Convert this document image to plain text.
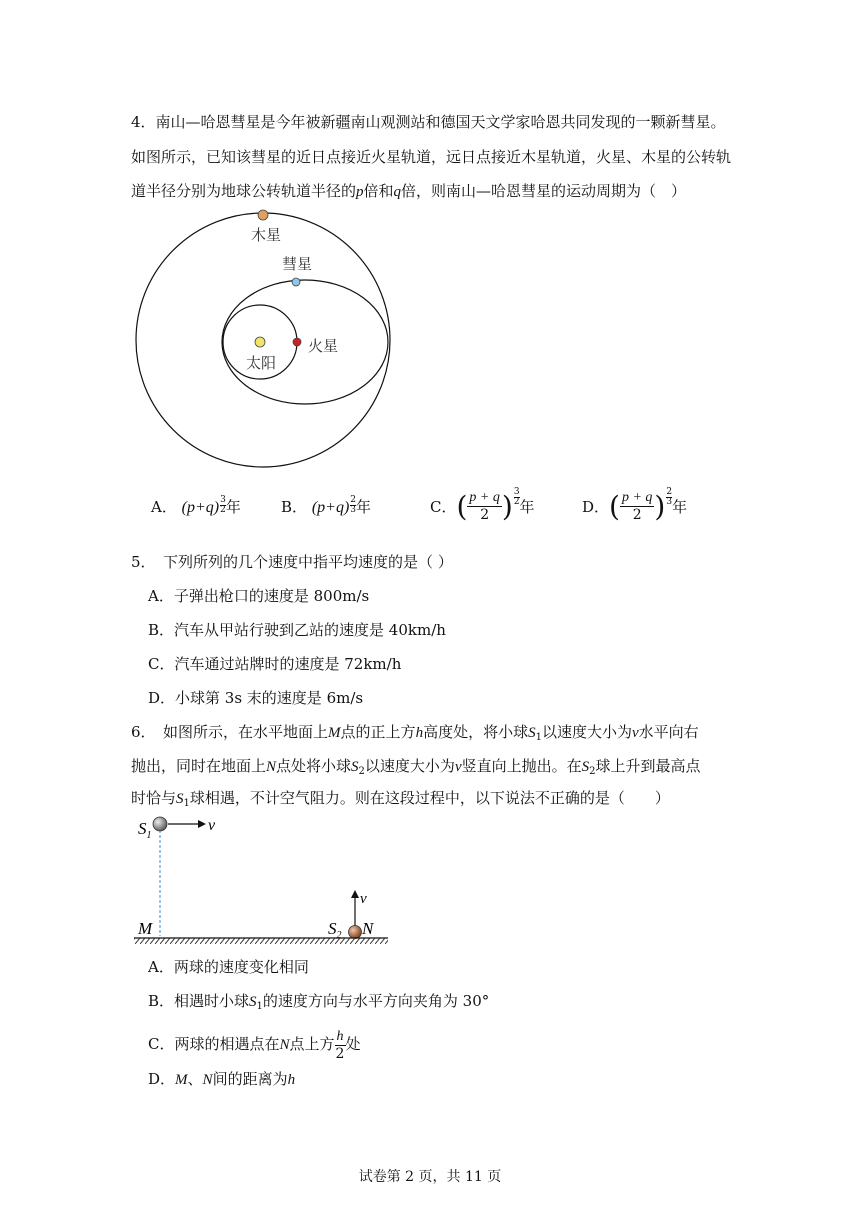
4．南山—哈恩彗星是今年被新疆南山观测站和德国天文学家哈恩共同发现的一颗新彗星。
如图所示，已知该彗星的近日点接近火星轨道，远日点接近木星轨道，火星、木星的公转轨
道半径分别为地球公转轨道半径的p倍和q倍，则南山—哈恩彗星的运动周期为（　）
木星
彗星
火星
太阳
A． $(p+q) \frac{3}{2}$年	B． $(p+q) \frac{2}{3}$年	C．( $\frac{p + q}{2}$ ) $\frac{3}{2}$年	D．( $\frac{p + q}{2}$ ) $\frac{2}{3}$年
5．　下列所列的几个速度中指平均速度的是（ ）
A．子弹出枪口的速度是 800m/s
B．汽车从甲站行驶到乙站的速度是 40km/h
C．汽车通过站牌时的速度是 72km/h
D．小球第 3s 末的速度是 6m/s
6．　如图所示，在水平地面上M点的正上方h高度处，将小球$S_1$以速度大小为v水平向右
抛出，同时在地面上N点处将小球$S_2$以速度大小为v竖直向上抛出。在$S_2$球上升到最高点
时恰与$S_1$球相遇，不计空气阻力。则在这段过程中，以下说法不正确的是（　　）
$S_1$
v
v
M	$S_2$ N
A．两球的速度变化相同
B．相遇时小球$S_1$的速度方向与水平方向夹角为 30°
C．两球的相遇点在N点上方 $\frac{h}{2}$ 处
D．M、N间的距离为h
试卷第 2 页，共 11 页
